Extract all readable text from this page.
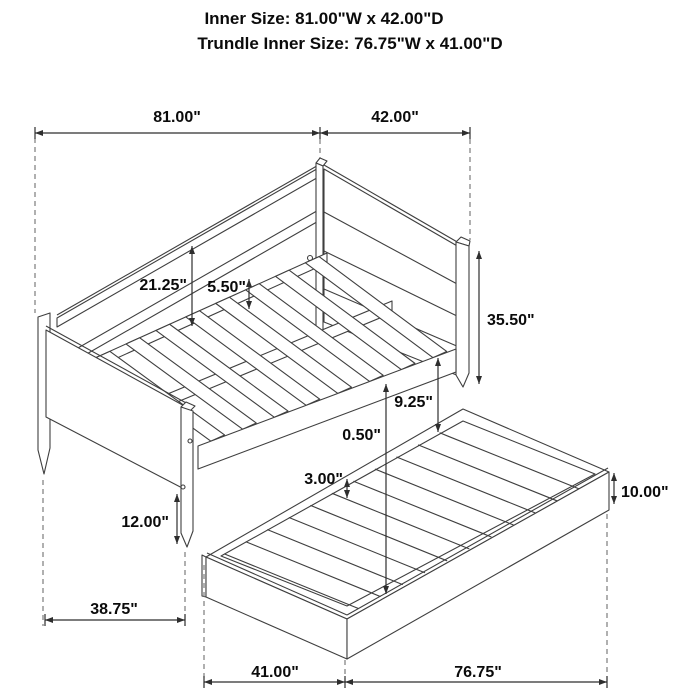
Inner Size: 81.00"W x 42.00"D
Trundle Inner Size: 76.75"W x 41.00"D
81.00"	42.00"
21.25" 5.50"
35.50"
9.25"
0.50"
3.00"
12.00"
38.75"
41.00"	76.75"
10.00"
